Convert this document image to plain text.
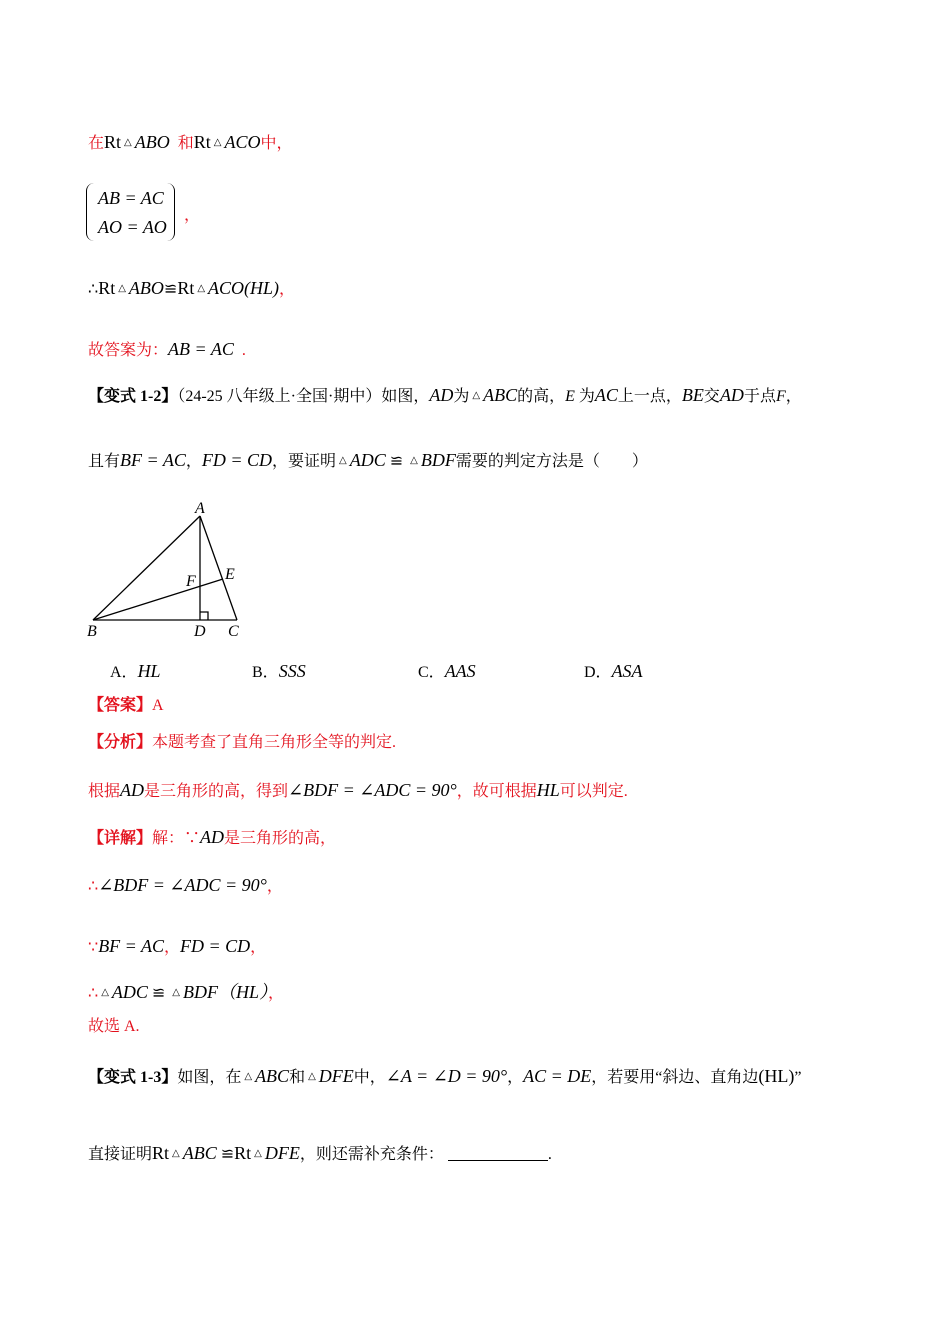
在Rt △ ABO 和Rt △ ACO中，
AB = AC
AO = AO
，
∴Rt △ ABO≌Rt △ ACO(HL)，
故答案为：AB = AC .
【变式 1-2】（24-25 八年级上·全国·期中）如图，AD为 △ ABC的高，E 为AC上一点，BE交AD于点F，
且有BF = AC，FD = CD，要证明 △ ADC ≌ △ BDF需要的判定方法是（　　）
A
B	D C
E
F
A．HL	B．SSS	C．AAS	D．ASA
【答案】A
【分析】本题考查了直角三角形全等的判定.
根据AD是三角形的高，得到∠BDF = ∠ADC = 90°，故可根据HL可以判定.
【详解】解：∵AD是三角形的高，
∴∠BDF = ∠ADC = 90°，
∵BF = AC，FD = CD，
∴ △ ADC ≌ △ BDF（HL），
故选 A.
【变式 1-3】如图，在 △ ABC和 △ DFE中，∠A = ∠D = 90°，AC = DE，若要用“斜边、直角边(HL)”
直接证明Rt △ ABC ≌Rt △ DFE，则还需补充条件：	.
